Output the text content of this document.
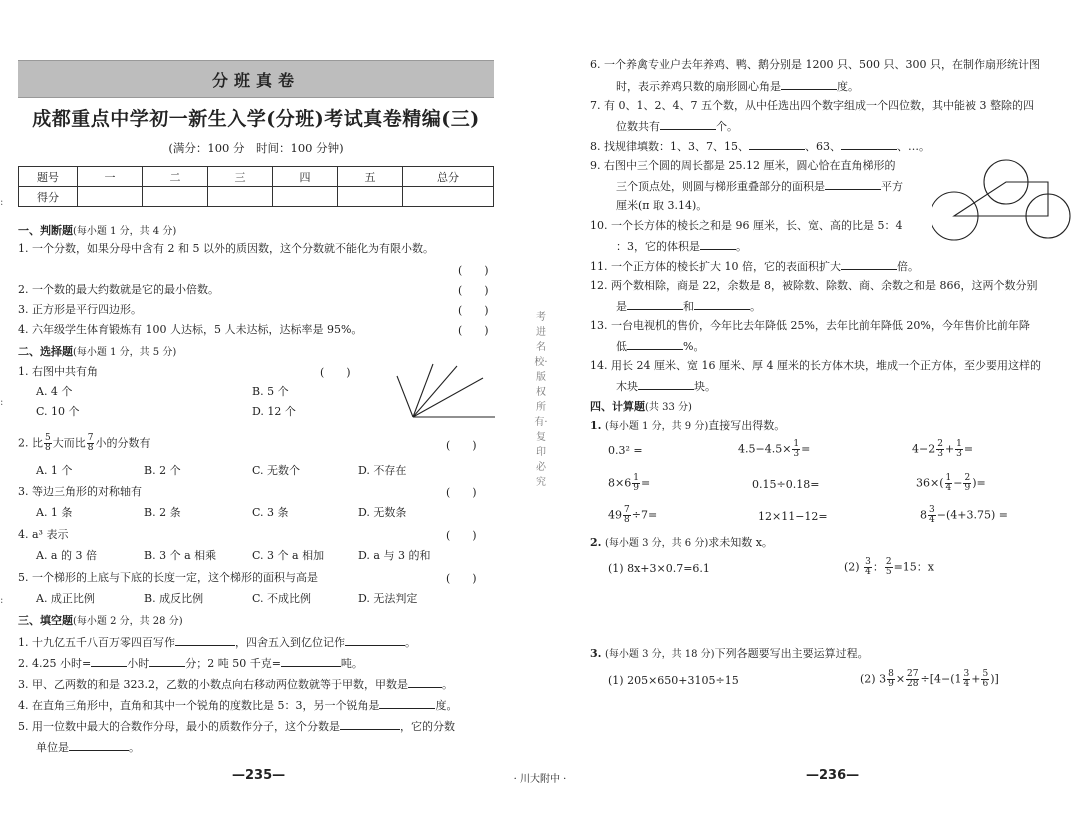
:
:
:
分班真卷
成都重点中学初一新生入学(分班)考试真卷精编(三)
(满分：100 分　时间：100 分钟)
题号	一	二	三	四	五	总分
得分						
一、判断题(每小题 1 分，共 4 分)
1. 一个分数，如果分母中含有 2 和 5 以外的质因数，这个分数就不能化为有限小数。
(　　)
2. 一个数的最大约数就是它的最小倍数。	(　　)
3. 正方形是平行四边形。	(　　)
4. 六年级学生体育锻炼有 100 人达标，5 人未达标，达标率是 95%。	(　　)
二、选择题(每小题 1 分，共 5 分)
1. 右图中共有角	(　　)
A. 4 个	B. 5 个
C. 10 个	D. 12 个
2. 比 $\frac{5}{8}$ 大而比 $\frac{7}{8}$ 小的分数有	(　　)
A. 1 个	B. 2 个	C. 无数个	D. 不存在
3. 等边三角形的对称轴有	(　　)
A. 1 条	B. 2 条	C. 3 条	D. 无数条
4. a³ 表示	(　　)
A. a 的 3 倍	B. 3 个 a 相乘	C. 3 个 a 相加	D. a 与 3 的和
5. 一个梯形的上底与下底的长度一定，这个梯形的面积与高是	(　　)
A. 成正比例	B. 成反比例	C. 不成比例	D. 无法判定
三、填空题(每小题 2 分，共 28 分)
1. 十九亿五千八百万零四百写作	，四舍五入到亿位记作	。
2. 4.25 小时=	小时	分；2 吨 50 千克=	吨。
3. 甲、乙两数的和是 323.2，乙数的小数点向右移动两位数就等于甲数，甲数是	。
4. 在直角三角形中，直角和其中一个锐角的度数比是 5：3，另一个锐角是	度。
5. 用一位数中最大的合数作分母，最小的质数作分子，这个分数是	，它的分数
单位是	。
—235—
考进名校·版权所有·复印必究
· 川大附中 ·
6. 一个养禽专业户去年养鸡、鸭、鹅分别是 1200 只、500 只、300 只，在制作扇形统计图
时，表示养鸡只数的扇形圆心角是	度。
7. 有 0、1、2、4、7 五个数，从中任选出四个数字组成一个四位数，其中能被 3 整除的四
位数共有	个。
8. 找规律填数：1、3、7、15、	、63、	、…。
9. 右图中三个圆的周长都是 25.12 厘米，圆心恰在直角梯形的
三个顶点处，则圆与梯形重叠部分的面积是	平方
厘米(π 取 3.14)。
10. 一个长方体的棱长之和是 96 厘米，长、宽、高的比是 5：4
：3，它的体积是	。
11. 一个正方体的棱长扩大 10 倍，它的表面积扩大	倍。
12. 两个数相除，商是 22，余数是 8，被除数、除数、商、余数之和是 866，这两个数分别
是	和	。
13. 一台电视机的售价，今年比去年降低 25%，去年比前年降低 20%，今年售价比前年降
低	%。
14. 用长 24 厘米、宽 16 厘米、厚 4 厘米的长方体木块，堆成一个正方体，至少要用这样的
木块	块。
四、计算题(共 33 分)
1. (每小题 1 分，共 9 分)直接写出得数。
0.3² =	$4.5-4.5\times \frac{1}{3}$ =	$4-2 \frac{2}{3} + \frac{1}{3}$ =
$8\times 6 \frac{1}{9}$ =	0.15÷0.18=	$36\times( \frac{1}{4} - \frac{2}{9}$ )=
$49 \frac{7}{8} \div 7=$	12×11−12=	$8 \frac{3}{4} -(4+3.75)$ =
2. (每小题 3 分，共 6 分)求未知数 x。
(1) 8x+3×0.7=6.1	$(2) \frac{3}{4}$ ： $\frac{2}{5} =15$：x
3. (每小题 3 分，共 18 分)下列各题要写出主要运算过程。
(1) 205×650+3105÷15	(2) $3 \frac{8}{9} \times \frac{27}{28} \div[4-(1 \frac{3}{4} + \frac{5}{6}$ )]
—236—
